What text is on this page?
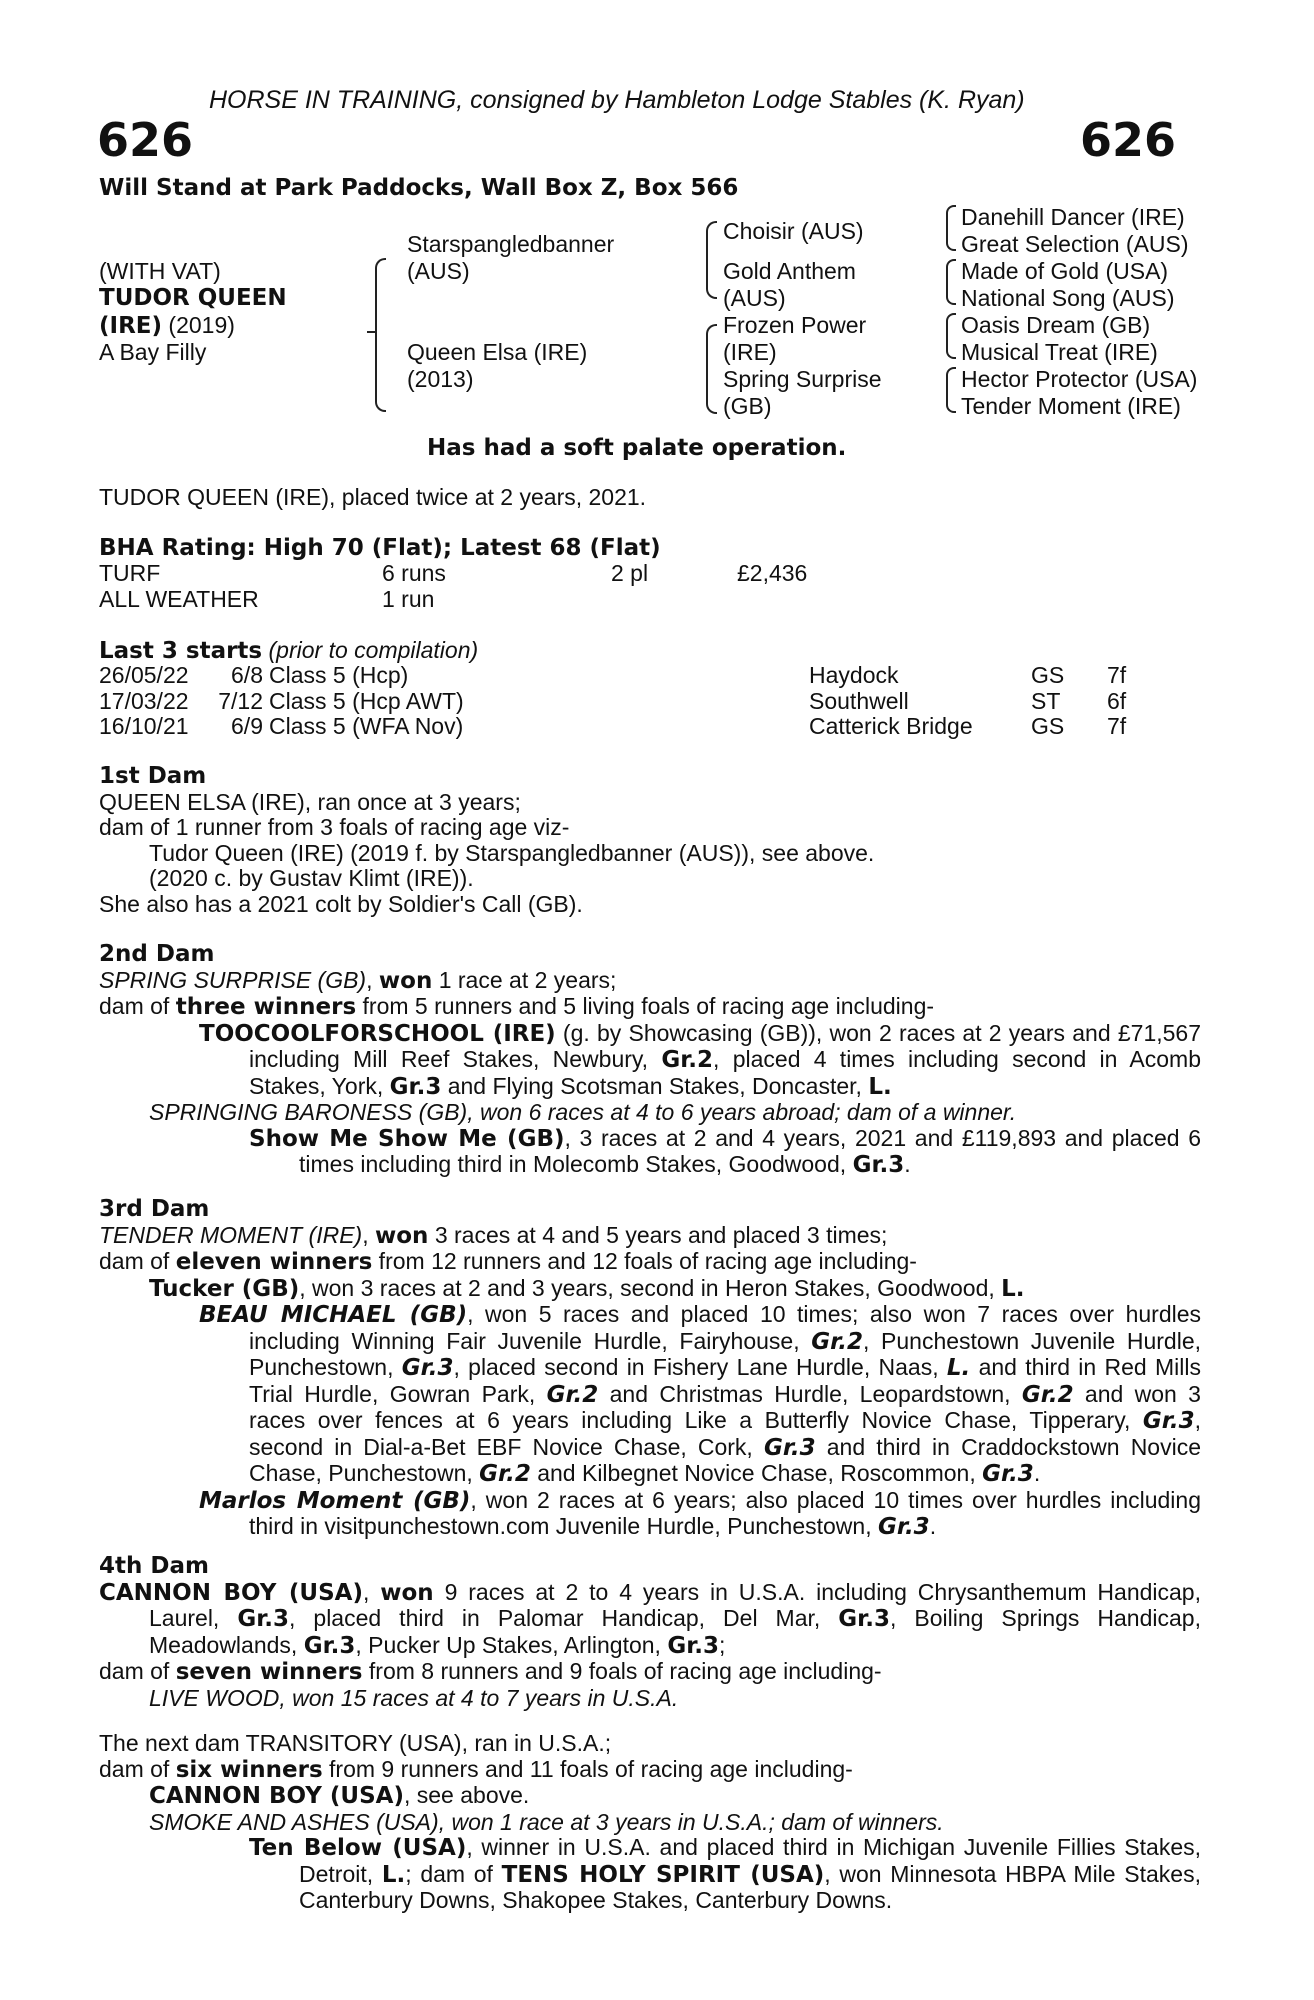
HORSE IN TRAINING, consigned by Hambleton Lodge Stables (K. Ryan)
626	626
Will Stand at Park Paddocks, Wall Box Z, Box 566
(WITH VAT)
TUDOR QUEEN
(IRE) (2019)
A Bay Filly
Starspangledbanner
(AUS)
Queen Elsa (IRE)
(2013)
Choisir (AUS)
Gold Anthem
(AUS)
Frozen Power
(IRE)
Spring Surprise
(GB)
Danehill Dancer (IRE)
Great Selection (AUS)
Made of Gold (USA)
National Song (AUS)
Oasis Dream (GB)
Musical Treat (IRE)
Hector Protector (USA)
Tender Moment (IRE)
Has had a soft palate operation.
TUDOR QUEEN (IRE), placed twice at 2 years, 2021.
BHA Rating: High 70 (Flat); Latest 68 (Flat)
TURF	6 runs	2 pl	£2,436
ALL WEATHER	1 run		
Last 3 starts (prior to compilation)
26/05/22	6/8	Class 5 (Hcp)	Haydock	GS	7f
17/03/22	7/12	Class 5 (Hcp AWT)	Southwell	ST	6f
16/10/21	6/9	Class 5 (WFA Nov)	Catterick Bridge	GS	7f

1st Dam

QUEEN ELSA (IRE), ran once at 3 years;

dam of 1 runner from 3 foals of racing age viz-

Tudor Queen (IRE) (2019 f. by Starspangledbanner (AUS)), see above.

(2020 c. by Gustav Klimt (IRE)).

She also has a 2021 colt by Soldier's Call (GB).

2nd Dam

SPRING SURPRISE (GB), won 1 race at 2 years;

dam of three winners from 5 runners and 5 living foals of racing age including-

TOOCOOLFORSCHOOL (IRE) (g. by Showcasing (GB)), won 2 races at 2 years and £71,567 including Mill Reef Stakes, Newbury, Gr.2, placed 4 times including second in Acomb Stakes, York, Gr.3 and Flying Scotsman Stakes, Doncaster, L.

SPRINGING BARONESS (GB), won 6 races at 4 to 6 years abroad; dam of a winner.

Show Me Show Me (GB), 3 races at 2 and 4 years, 2021 and £119,893 and placed 6 times including third in Molecomb Stakes, Goodwood, Gr.3.

3rd Dam

TENDER MOMENT (IRE), won 3 races at 4 and 5 years and placed 3 times;

dam of eleven winners from 12 runners and 12 foals of racing age including-

Tucker (GB), won 3 races at 2 and 3 years, second in Heron Stakes, Goodwood, L.

BEAU MICHAEL (GB), won 5 races and placed 10 times; also won 7 races over hurdles including Winning Fair Juvenile Hurdle, Fairyhouse, Gr.2, Punchestown Juvenile Hurdle, Punchestown, Gr.3, placed second in Fishery Lane Hurdle, Naas, L. and third in Red Mills Trial Hurdle, Gowran Park, Gr.2 and Christmas Hurdle, Leopardstown, Gr.2 and won 3 races over fences at 6 years including Like a Butterfly Novice Chase, Tipperary, Gr.3, second in Dial-a-Bet EBF Novice Chase, Cork, Gr.3 and third in Craddockstown Novice Chase, Punchestown, Gr.2 and Kilbegnet Novice Chase, Roscommon, Gr.3.

Marlos Moment (GB), won 2 races at 6 years; also placed 10 times over hurdles including third in visitpunchestown.com Juvenile Hurdle, Punchestown, Gr.3.

4th Dam

CANNON BOY (USA), won 9 races at 2 to 4 years in U.S.A. including Chrysanthemum Handicap, Laurel, Gr.3, placed third in Palomar Handicap, Del Mar, Gr.3, Boiling Springs Handicap, Meadowlands, Gr.3, Pucker Up Stakes, Arlington, Gr.3;

dam of seven winners from 8 runners and 9 foals of racing age including-

LIVE WOOD, won 15 races at 4 to 7 years in U.S.A.

The next dam TRANSITORY (USA), ran in U.S.A.;

dam of six winners from 9 runners and 11 foals of racing age including-

CANNON BOY (USA), see above.

SMOKE AND ASHES (USA), won 1 race at 3 years in U.S.A.; dam of winners.

Ten Below (USA), winner in U.S.A. and placed third in Michigan Juvenile Fillies Stakes, Detroit, L.; dam of TENS HOLY SPIRIT (USA), won Minnesota HBPA Mile Stakes, Canterbury Downs, Shakopee Stakes, Canterbury Downs.
